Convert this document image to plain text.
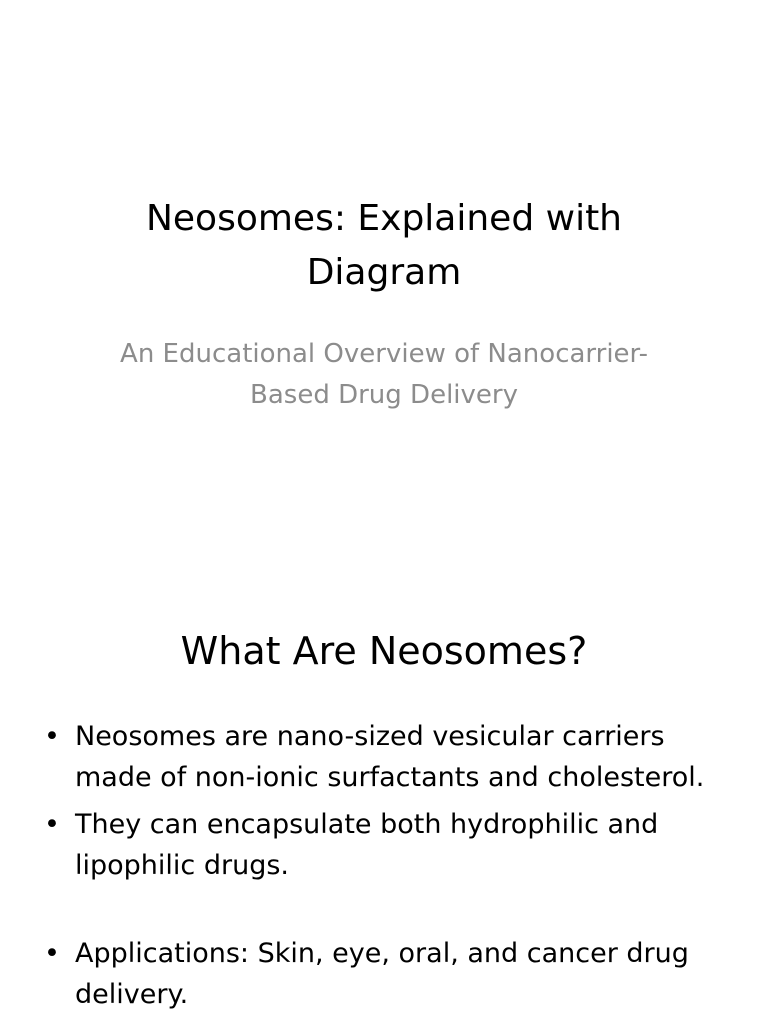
Neosomes: Explained with Diagram

An Educational Overview of Nanocarrier-Based Drug Delivery

What Are Neosomes?
• Neosomes are nano-sized vesicular carriers made of non-ionic surfactants and cholesterol.
• They can encapsulate both hydrophilic and lipophilic drugs.
• Applications: Skin, eye, oral, and cancer drug delivery.
